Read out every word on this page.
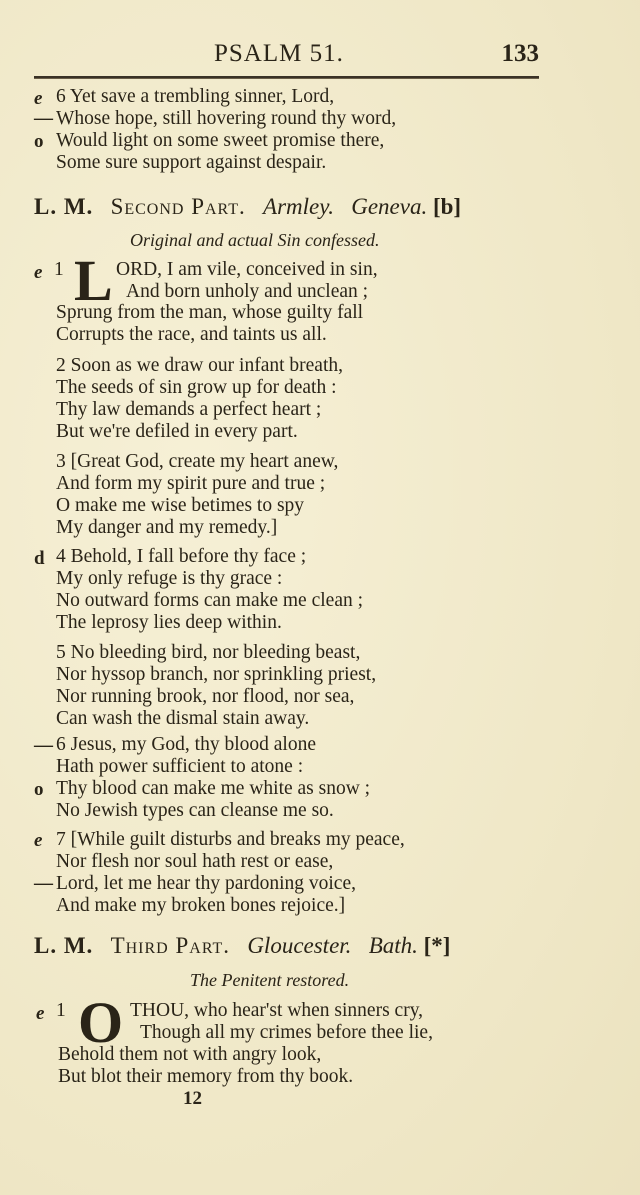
PSALM 51.	133
e 6 Yet save a trembling sinner, Lord,
— Whose hope, still hovering round thy word,
o Would light on some sweet promise there,
Some sure support against despair.
L. M. Second Part. Armley. Geneva. [b]
Original and actual Sin confessed.
e 1 L ORD, I am vile, conceived in sin,
And born unholy and unclean ;
Sprung from the man, whose guilty fall
Corrupts the race, and taints us all.
2 Soon as we draw our infant breath,
The seeds of sin grow up for death :
Thy law demands a perfect heart ;
But we're defiled in every part.
3 [Great God, create my heart anew,
And form my spirit pure and true ;
O make me wise betimes to spy
My danger and my remedy.]
d 4 Behold, I fall before thy face ;
My only refuge is thy grace :
No outward forms can make me clean ;
The leprosy lies deep within.
5 No bleeding bird, nor bleeding beast,
Nor hyssop branch, nor sprinkling priest,
Nor running brook, nor flood, nor sea,
Can wash the dismal stain away.
— 6 Jesus, my God, thy blood alone
Hath power sufficient to atone :
o Thy blood can make me white as snow ;
No Jewish types can cleanse me so.
e 7 [While guilt disturbs and breaks my peace,
Nor flesh nor soul hath rest or ease,
— Lord, let me hear thy pardoning voice,
And make my broken bones rejoice.]
L. M. Third Part. Gloucester. Bath. [*]
The Penitent restored.
e 1 O THOU, who hear'st when sinners cry,
Though all my crimes before thee lie,
Behold them not with angry look,
But blot their memory from thy book.
12
